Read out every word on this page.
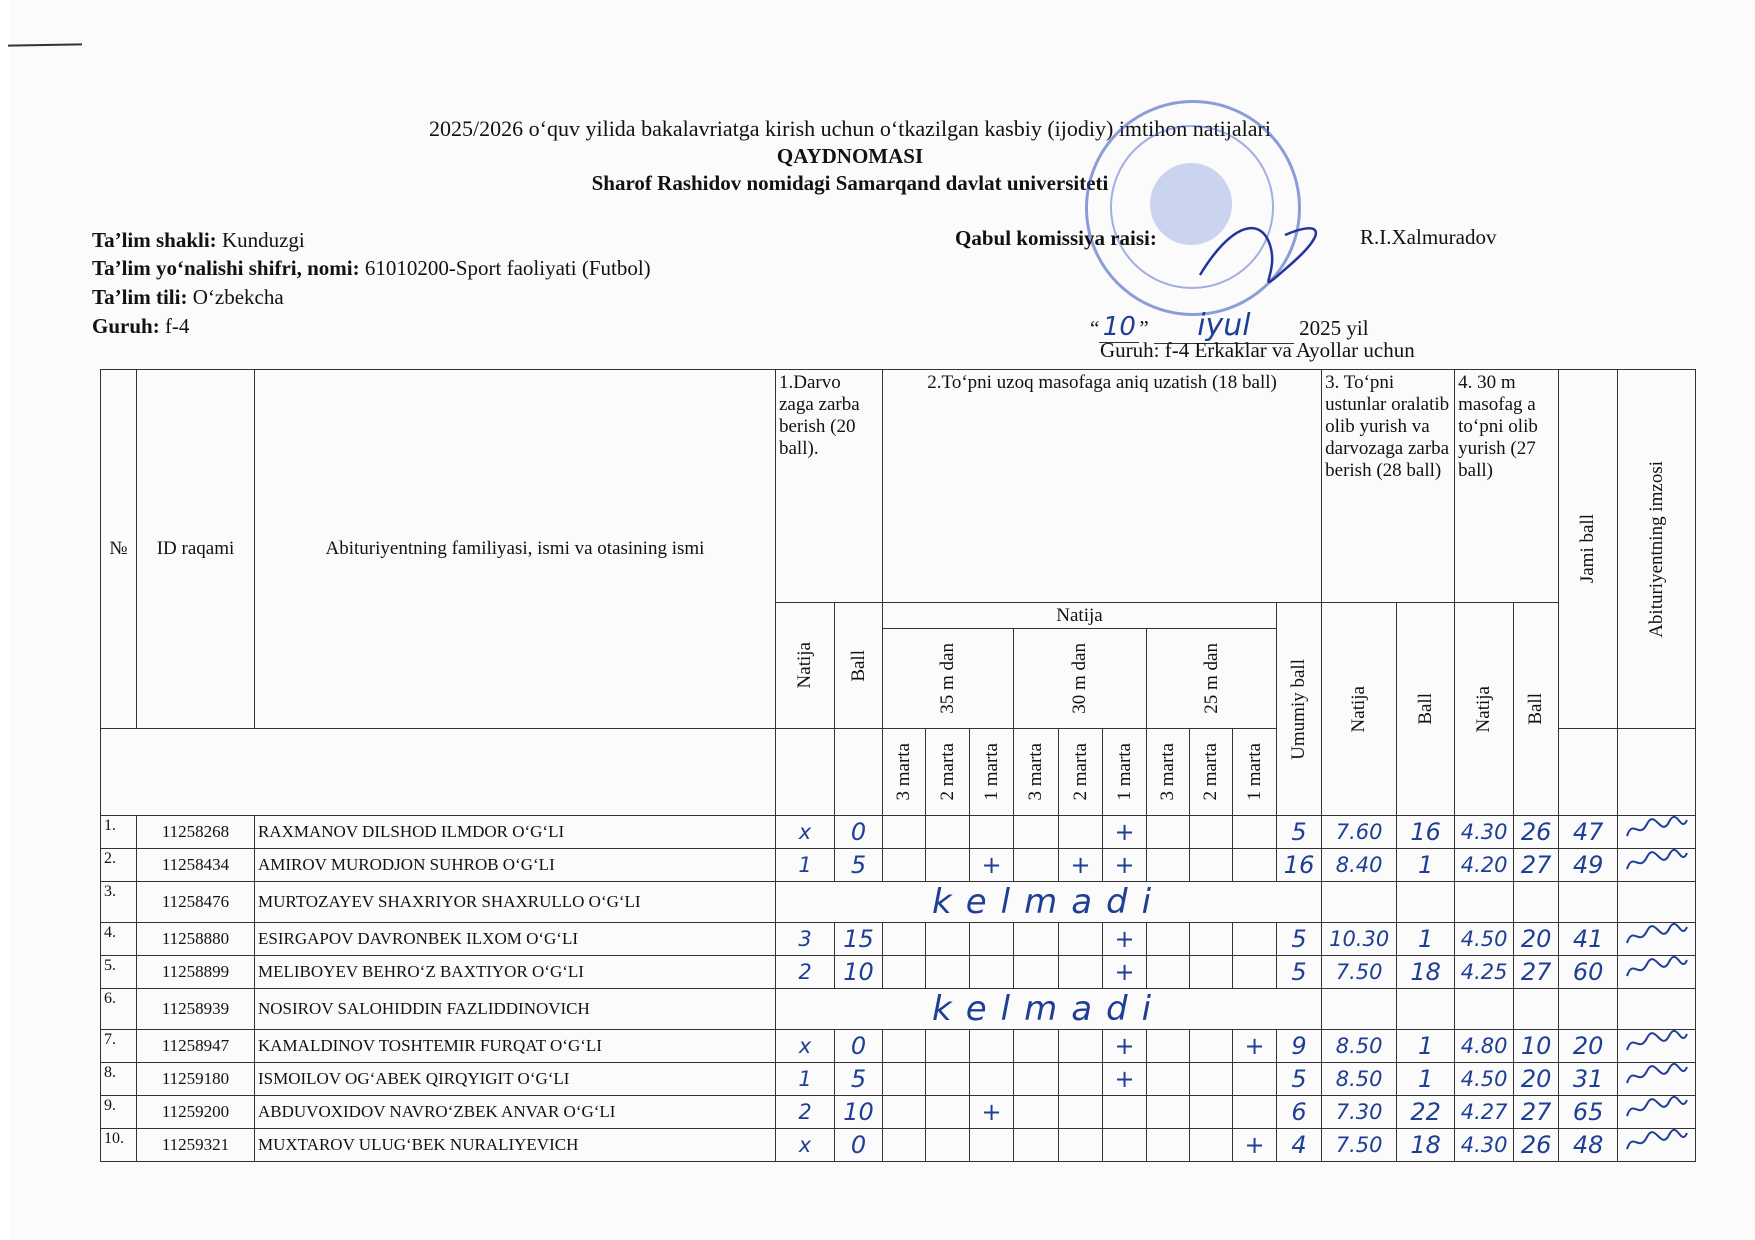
2025/2026 o‘quv yilida bakalavriatga kirish uchun o‘tkazilgan kasbiy (ijodiy) imtihon natijalari
QAYDNOMASI
Sharof Rashidov nomidagi Samarqand davlat universiteti
Ta’lim shakli: Kunduzgi
Ta’lim yo‘nalishi shifri, nomi: 61010200-Sport faoliyati (Futbol)
Ta’lim tili: O‘zbekcha
Guruh: f-4
Qabul komissiya raisi:	R.I.Xalmuradov
“ 10 ” iyul 2025 yil
Guruh: f-4 Erkaklar va Ayollar uchun
№	ID raqami	Abituriyentning familiyasi, ismi va otasining ismi	1.Darvo zaga zarba berish (20 ball).		2.To‘pni uzoq masofaga aniq uzatish (18 ball)										3. To‘pni ustunlar oralatib olib yurish va darvozaga zarba berish (28 ball)		4. 30 m masofag a to‘pni olib yurish (27 ball)		Jami ball	Abituriyentning imzosi

			Natija	Ball	Natija									Umumiy ball	Natija	Ball	Natija	Ball		

					35 m dan			30 m dan			25 m dan									

					3 marta	2 marta	1 marta	3 marta	2 marta	1 marta	3 marta	2 marta	1 marta							

1.	11258268	RAXMANOV DILSHOD ILMDOR O‘G‘LI	x	0						+				5	7.60	16	4.30	26	47	
2.	11258434	AMIROV MURODJON SUHROB O‘G‘LI	1	5			+		+	+				16	8.40	1	4.20	27	49	
3.	11258476	MURTOZAYEV SHAXRIYOR SHAXRULLO O‘G‘LI	kelmadi																	
4.	11258880	ESIRGAPOV DAVRONBEK ILXOM O‘G‘LI	3	15						+				5	10.30	1	4.50	20	41	
5.	11258899	MELIBOYEV BEHRO‘Z BAXTIYOR O‘G‘LI	2	10						+				5	7.50	18	4.25	27	60	
6.	11258939	NOSIROV SALOHIDDIN FAZLIDDINOVICH	kelmadi																	
7.	11258947	KAMALDINOV TOSHTEMIR FURQAT O‘G‘LI	x	0						+			+	9	8.50	1	4.80	10	20	
8.	11259180	ISMOILOV OG‘ABEK QIRQYIGIT O‘G‘LI	1	5						+				5	8.50	1	4.50	20	31	
9.	11259200	ABDUVOXIDOV NAVRO‘ZBEK ANVAR O‘G‘LI	2	10			+							6	7.30	22	4.27	27	65	
10.	11259321	MUXTAROV ULUG‘BEK NURALIYEVICH	x	0									+	4	7.50	18	4.30	26	48	
